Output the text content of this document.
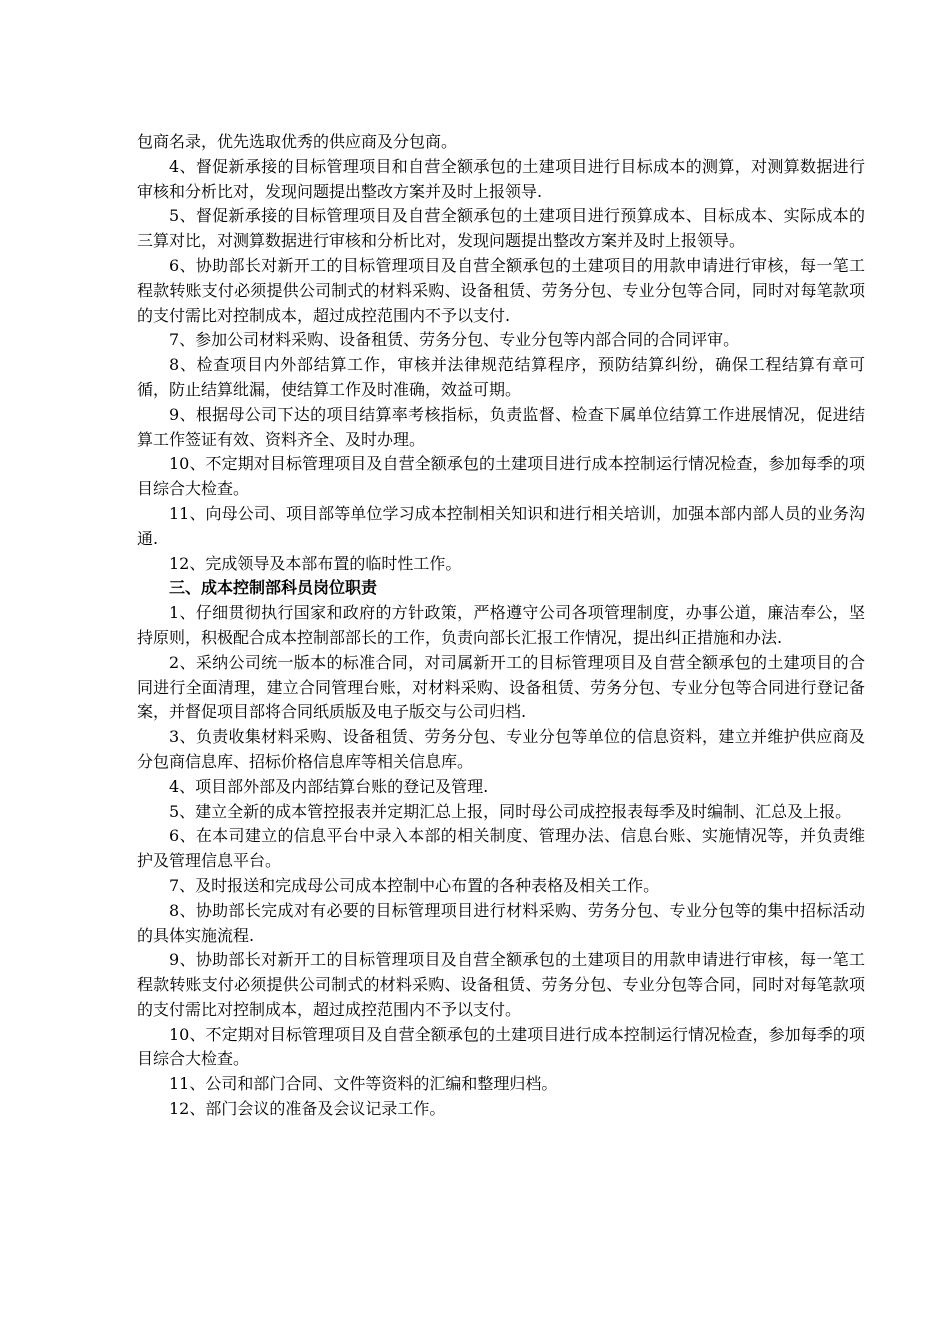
包商名录，优先选取优秀的供应商及分包商。

4、督促新承接的目标管理项目和自营全额承包的土建项目进行目标成本的测算，对测算数据进行审核和分析比对，发现问题提出整改方案并及时上报领导.

5、督促新承接的目标管理项目及自营全额承包的土建项目进行预算成本、目标成本、实际成本的三算对比，对测算数据进行审核和分析比对，发现问题提出整改方案并及时上报领导。

6、协助部长对新开工的目标管理项目及自营全额承包的土建项目的用款申请进行审核，每一笔工程款转账支付必须提供公司制式的材料采购、设备租赁、劳务分包、专业分包等合同，同时对每笔款项的支付需比对控制成本，超过成控范围内不予以支付.

7、参加公司材料采购、设备租赁、劳务分包、专业分包等内部合同的合同评审。

8、检查项目内外部结算工作，审核并法律规范结算程序，预防结算纠纷，确保工程结算有章可循，防止结算纰漏，使结算工作及时准确，效益可期。

9、根据母公司下达的项目结算率考核指标，负责监督、检查下属单位结算工作进展情况，促进结算工作签证有效、资料齐全、及时办理。

10、不定期对目标管理项目及自营全额承包的土建项目进行成本控制运行情况检查，参加每季的项目综合大检查。

11、向母公司、项目部等单位学习成本控制相关知识和进行相关培训，加强本部内部人员的业务沟通.

12、完成领导及本部布置的临时性工作。

三、成本控制部科员岗位职责

1、仔细贯彻执行国家和政府的方针政策，严格遵守公司各项管理制度，办事公道，廉洁奉公，坚持原则，积极配合成本控制部部长的工作，负责向部长汇报工作情况，提出纠正措施和办法.

2、采纳公司统一版本的标准合同，对司属新开工的目标管理项目及自营全额承包的土建项目的合同进行全面清理，建立合同管理台账，对材料采购、设备租赁、劳务分包、专业分包等合同进行登记备案，并督促项目部将合同纸质版及电子版交与公司归档.

3、负责收集材料采购、设备租赁、劳务分包、专业分包等单位的信息资料，建立并维护供应商及分包商信息库、招标价格信息库等相关信息库。

4、项目部外部及内部结算台账的登记及管理.

5、建立全新的成本管控报表并定期汇总上报，同时母公司成控报表每季及时编制、汇总及上报。

6、在本司建立的信息平台中录入本部的相关制度、管理办法、信息台账、实施情况等，并负责维护及管理信息平台。

7、及时报送和完成母公司成本控制中心布置的各种表格及相关工作。

8、协助部长完成对有必要的目标管理项目进行材料采购、劳务分包、专业分包等的集中招标活动的具体实施流程.

9、协助部长对新开工的目标管理项目及自营全额承包的土建项目的用款申请进行审核，每一笔工程款转账支付必须提供公司制式的材料采购、设备租赁、劳务分包、专业分包等合同，同时对每笔款项的支付需比对控制成本，超过成控范围内不予以支付。

10、不定期对目标管理项目及自营全额承包的土建项目进行成本控制运行情况检查，参加每季的项目综合大检查。

11、公司和部门合同、文件等资料的汇编和整理归档。

12、部门会议的准备及会议记录工作。
